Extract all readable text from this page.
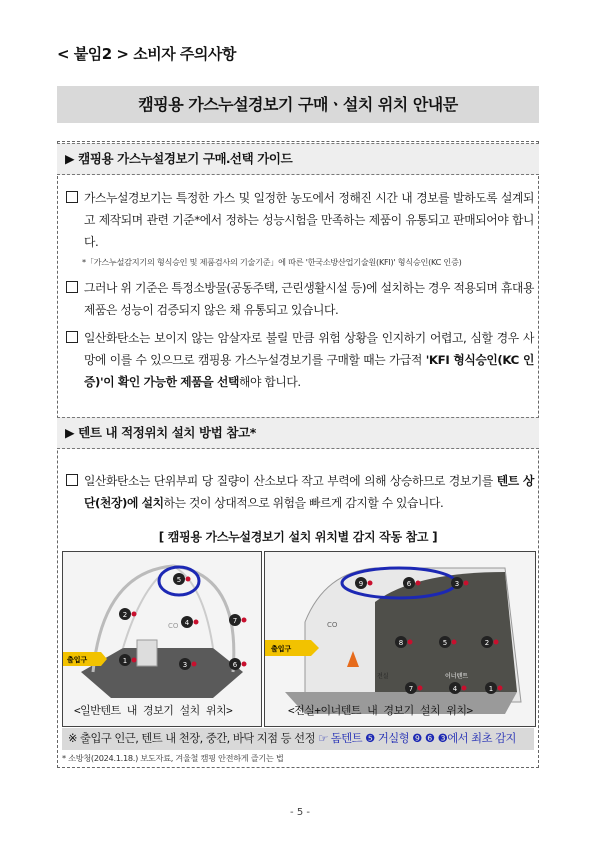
< 붙임2 > 소비자 주의사항
캠핑용 가스누설경보기 구매ㆍ설치 위치 안내문
▶ 캠핑용 가스누설경보기 구매․선택 가이드
가스누설경보기는 특정한 가스 및 일정한 농도에서 정해진 시간 내 경보를 발하도록 설계되고 제작되며 관련 기준*에서 정하는 성능시험을 만족하는 제품이 유통되고 판매되어야 합니다.
*「가스누설감지기의 형식승인 및 제품검사의 기술기준」에 따른 '한국소방산업기술원(KFI)' 형식승인(KC 인증)
그러나 위 기준은 특정소방물(공동주택, 근린생활시설 등)에 설치하는 경우 적용되며 휴대용 제품은 성능이 검증되지 않은 채 유통되고 있습니다.
일산화탄소는 보이지 않는 암살자로 불릴 만큼 위험 상황을 인지하기 어렵고, 심할 경우 사망에 이를 수 있으므로 캠핑용 가스누설경보기를 구매할 때는 가급적 'KFI 형식승인(KC 인증)'이 확인 가능한 제품을 선택해야 합니다.
▶ 텐트 내 적정위치 설치 방법 참고*
일산화탄소는 단위부피 당 질량이 산소보다 작고 부력에 의해 상승하므로 경보기를 텐트 상단(천장)에 설치하는 것이 상대적으로 위험을 빠르게 감지할 수 있습니다.
[ 캠핑용 가스누설경보기 설치 위치별 감지 작동 참고 ]
CO
출입구
5
2
4	7
1	3	6
<일반텐트 내 경보기 설치 위치>
CO
출입구
전실	이너텐트
9	6	3
8	5	2
7	4	1
<전실+이너텐트 내 경보기 설치 위치>
※ 출입구 인근, 텐트 내 천장, 중간, 바닥 지점 등 선정 ☞ 돔텐트 ❺ 거실형 ❾ ❻ ❸에서 최초 감지
* 소방청(2024.1.18.) 보도자료, 겨울철 캠핑 안전하게 즐기는 법
- 5 -
